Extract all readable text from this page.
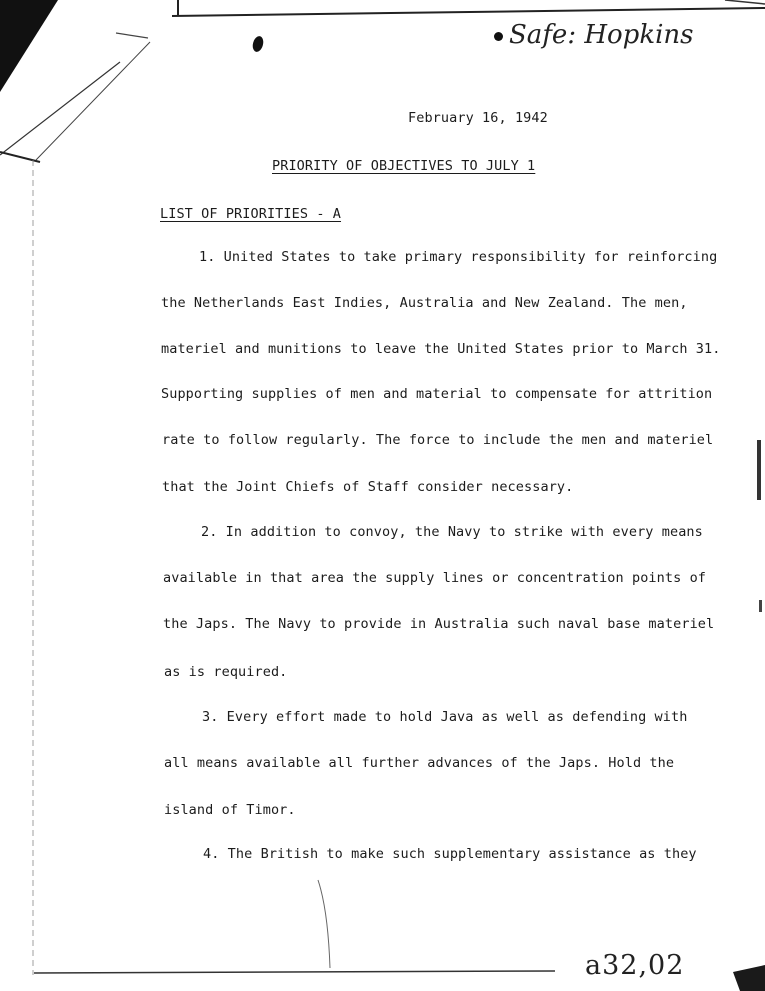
Safe: Hopkins
February 16, 1942
PRIORITY OF OBJECTIVES TO JULY 1
LIST OF PRIORITIES - A
1. United States to take primary responsibility for reinforcing
the Netherlands East Indies, Australia and New Zealand. The men,
materiel and munitions to leave the United States prior to March 31.
Supporting supplies of men and material to compensate for attrition
rate to follow regularly. The force to include the men and materiel
that the Joint Chiefs of Staff consider necessary.
2. In addition to convoy, the Navy to strike with every means
available in that area the supply lines or concentration points of
the Japs. The Navy to provide in Australia such naval base materiel
as is required.
3. Every effort made to hold Java as well as defending with
all means available all further advances of the Japs. Hold the
island of Timor.
4. The British to make such supplementary assistance as they
a32,02
